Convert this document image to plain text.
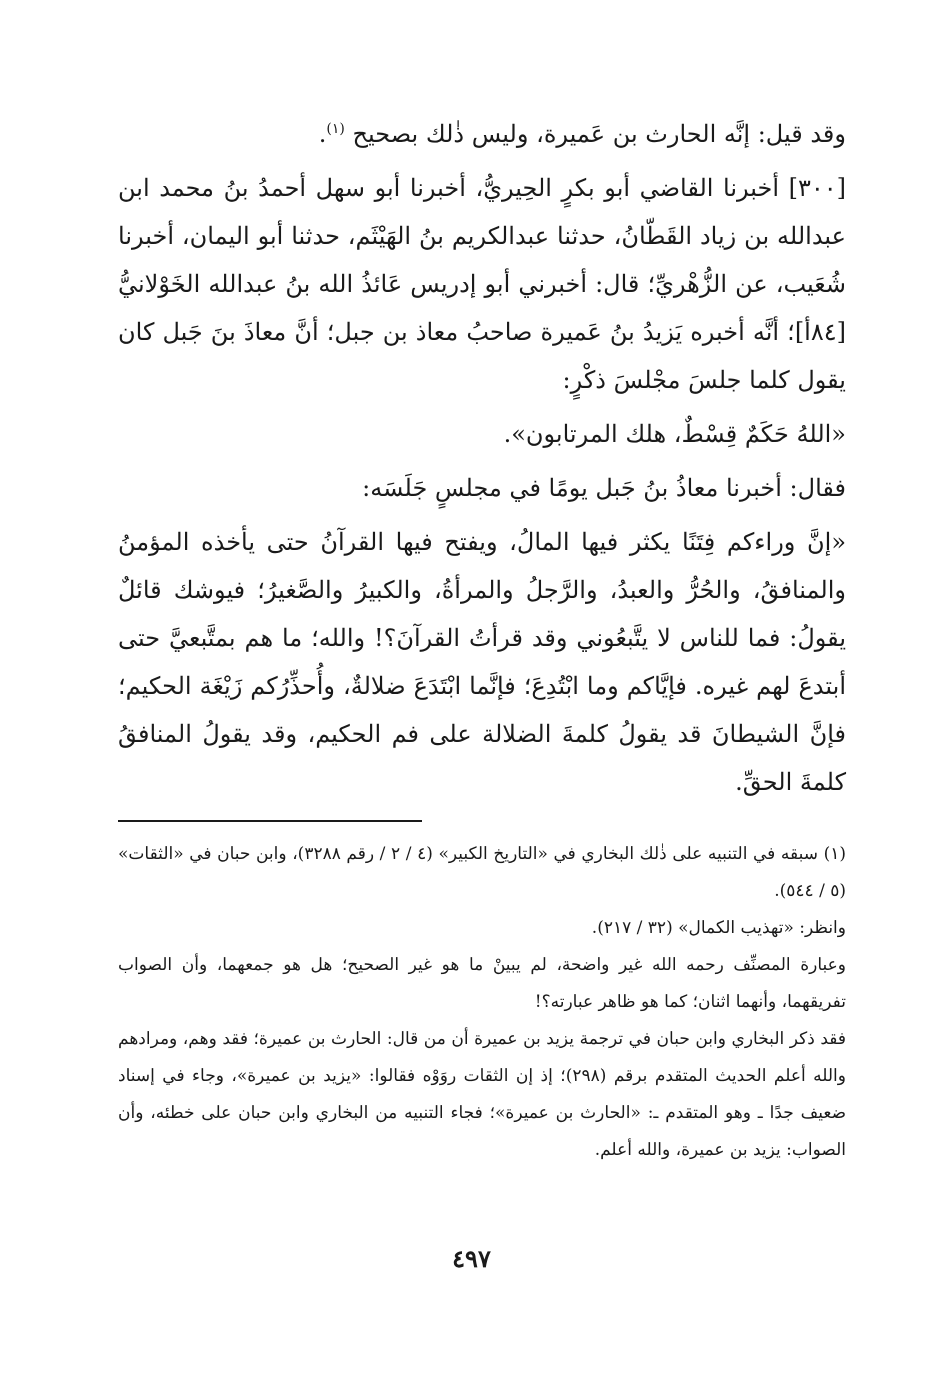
وقد قيل: إنَّه الحارث بن عَميرة، وليس ذٰلك بصحيح $^{(١)}$.

[٣٠٠] أخبرنا القاضي أبو بكرٍ الحِيريُّ، أخبرنا أبو سهل أحمدُ بنُ محمد ابن عبدالله بن زياد القَطّانُ، حدثنا عبدالكريم بنُ الهَيْثَم، حدثنا أبو اليمان، أخبرنا شُعَيب، عن الزُّهْريِّ؛ قال: أخبرني أبو إدريس عَائذُ الله بنُ عبدالله الخَوْلانيُّ [٨٤أ]؛ أنَّه أخبره يَزيدُ بنُ عَميرة صاحبُ معاذ بن جبل؛ أنَّ معاذَ بنَ جَبل كان يقول كلما جلسَ مجْلسَ ذكْرٍ:

«اللهُ حَكَمٌ قِسْطٌ، هلك المرتابون».

فقال: أخبرنا معاذُ بنُ جَبل يومًا في مجلسٍ جَلَسَه:

«إنَّ وراءكم فِتَنًا يكثر فيها المالُ، ويفتح فيها القرآنُ حتى يأخذه المؤمنُ والمنافقُ، والحُرُّ والعبدُ، والرَّجلُ والمرأةُ، والكبيرُ والصَّغيرُ؛ فيوشك قائلٌ يقولُ: فما للناس لا يتَّبعُوني وقد قرأتُ القرآنَ؟! والله؛ ما هم بمتَّبعيَّ حتى أبتدعَ لهم غيره. فإيَّاكم وما ابْتُدِعَ؛ فإنَّما ابْتَدَعَ ضلالةٌ، وأُحذِّرُكم زَيْغَة الحكيم؛ فإنَّ الشيطانَ قد يقولُ كلمةَ الضلالة على فم الحكيم، وقد يقولُ المنافقُ كلمةَ الحقِّ.

(١) سبقه في التنبيه على ذٰلك البخاري في «التاريخ الكبير» (٤ / ٢ / رقم ٣٢٨٨)، وابن حبان في «الثقات» (٥ / ٥٤٤).

وانظر: «تهذيب الكمال» (٣٢ / ٢١٧).

وعبارة المصنِّف رحمه الله غير واضحة، لم يبينْ ما هو غير الصحيح؛ هل هو جمعهما، وأن الصواب تفريقهما، وأنهما اثنان؛ كما هو ظاهر عبارته؟!

فقد ذكر البخاري وابن حبان في ترجمة يزيد بن عميرة أن من قال: الحارث بن عميرة؛ فقد وهم، ومرادهم والله أعلم الحديث المتقدم برقم (٢٩٨)؛ إذ إن الثقات روَوْه فقالوا: «يزيد بن عميرة»، وجاء في إسناد ضعيف جدًا ـ وهو المتقدم ـ: «الحارث بن عميرة»؛ فجاء التنبيه من البخاري وابن حبان على خطئه، وأن الصواب: يزيد بن عميرة، والله أعلم.

٤٩٧
